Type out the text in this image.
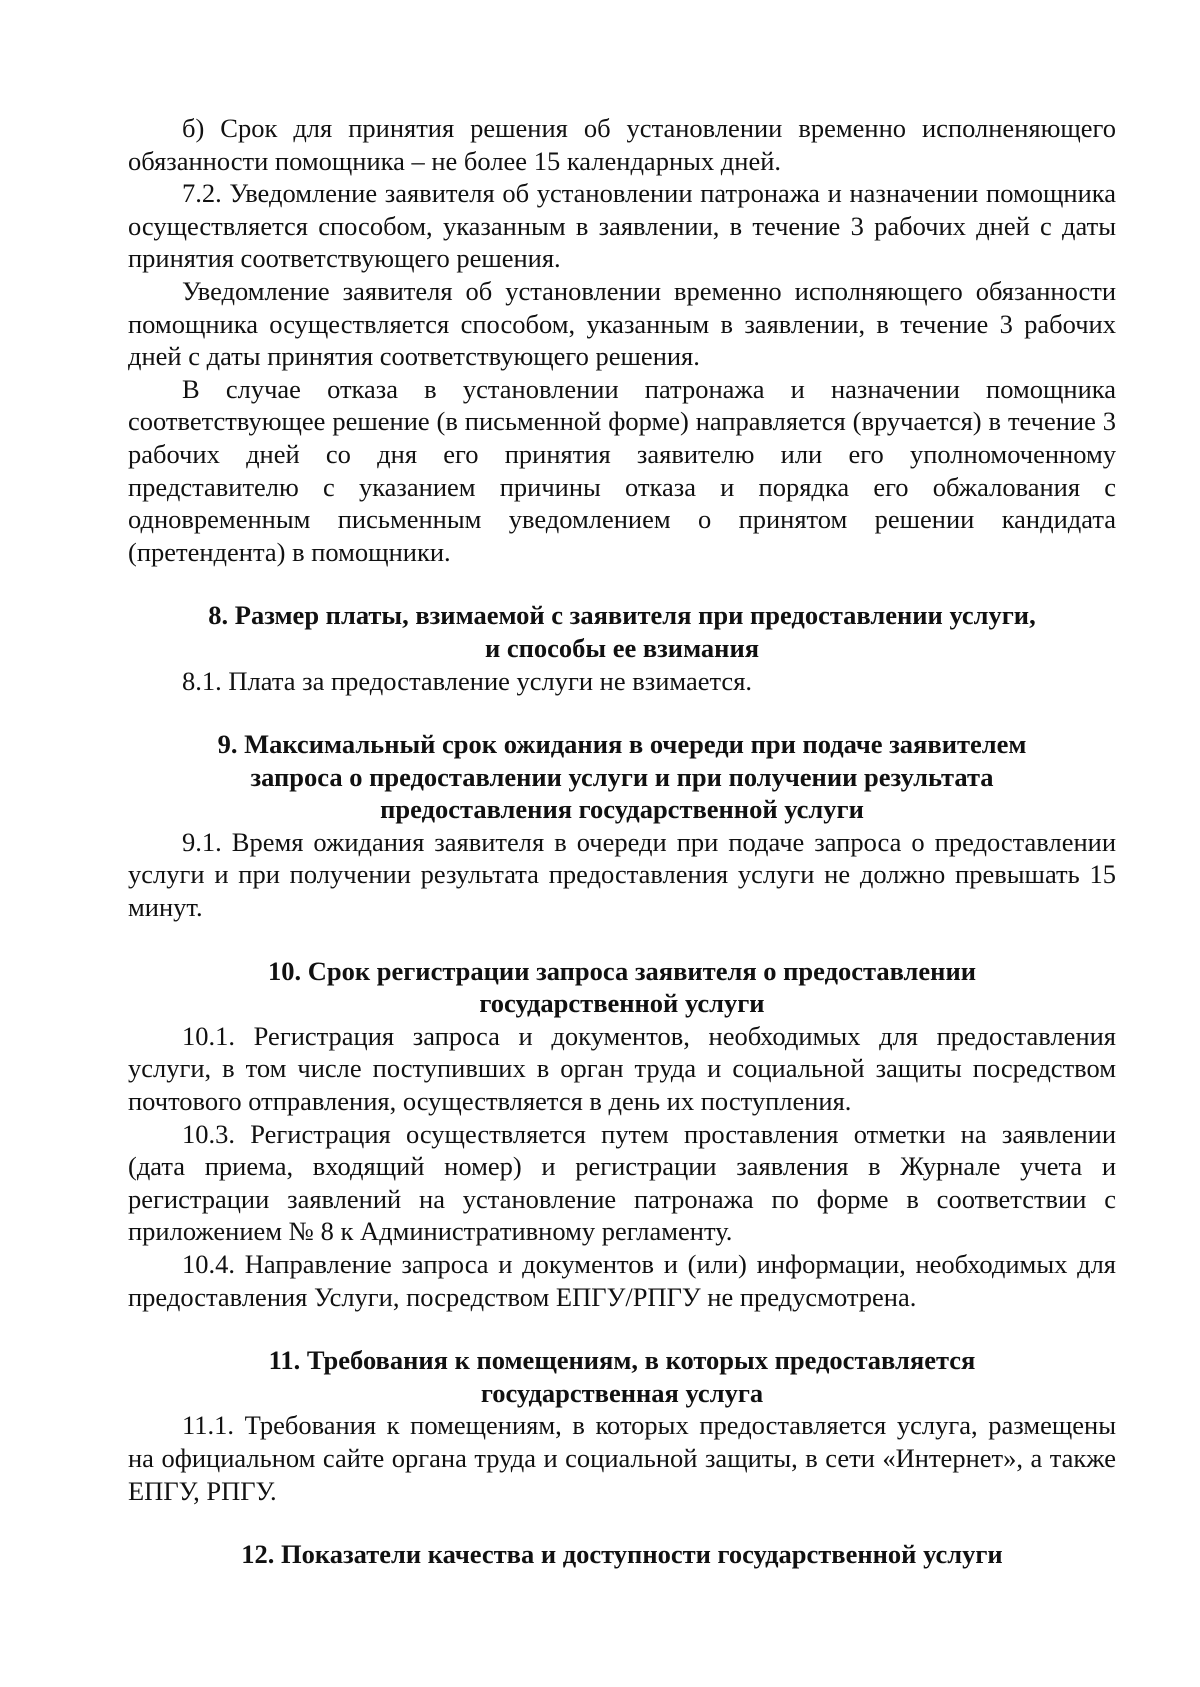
б) Срок для принятия решения об установлении временно исполненяющего обязанности помощника – не более 15 календарных дней.

7.2. Уведомление заявителя об установлении патронажа и назначении помощника осуществляется способом, указанным в заявлении, в течение 3 рабочих дней с даты принятия соответствующего решения.

Уведомление заявителя об установлении временно исполняющего обязанности помощника осуществляется способом, указанным в заявлении, в течение 3 рабочих дней с даты принятия соответствующего решения.

В случае отказа в установлении патронажа и назначении помощника соответствующее решение (в письменной форме) направляется (вручается) в течение 3 рабочих дней со дня его принятия заявителю или его уполномоченному представителю с указанием причины отказа и порядка его обжалования с одновременным письменным уведомлением о принятом решении кандидата (претендента) в помощники.

8. Размер платы, взимаемой с заявителя при предоставлении услуги, и способы ее взимания

8.1. Плата за предоставление услуги не взимается.

9. Максимальный срок ожидания в очереди при подаче заявителем запроса о предоставлении услуги и при получении результата предоставления государственной услуги

9.1. Время ожидания заявителя в очереди при подаче запроса о предоставлении услуги и при получении результата предоставления услуги не должно превышать 15 минут.

10. Срок регистрации запроса заявителя о предоставлении государственной услуги

10.1. Регистрация запроса и документов, необходимых для предоставления услуги, в том числе поступивших в орган труда и социальной защиты посредством почтового отправления, осуществляется в день их поступления.

10.3. Регистрация осуществляется путем проставления отметки на заявлении (дата приема, входящий номер) и регистрации заявления в Журнале учета и регистрации заявлений на установление патронажа по форме в соответствии с приложением № 8 к Административному регламенту.

10.4. Направление запроса и документов и (или) информации, необходимых для предоставления Услуги, посредством ЕПГУ/РПГУ не предусмотрена.

11. Требования к помещениям, в которых предоставляется государственная услуга

11.1. Требования к помещениям, в которых предоставляется услуга, размещены на официальном сайте органа труда и социальной защиты, в сети «Интернет», а также ЕПГУ, РПГУ.

12. Показатели качества и доступности государственной услуги
